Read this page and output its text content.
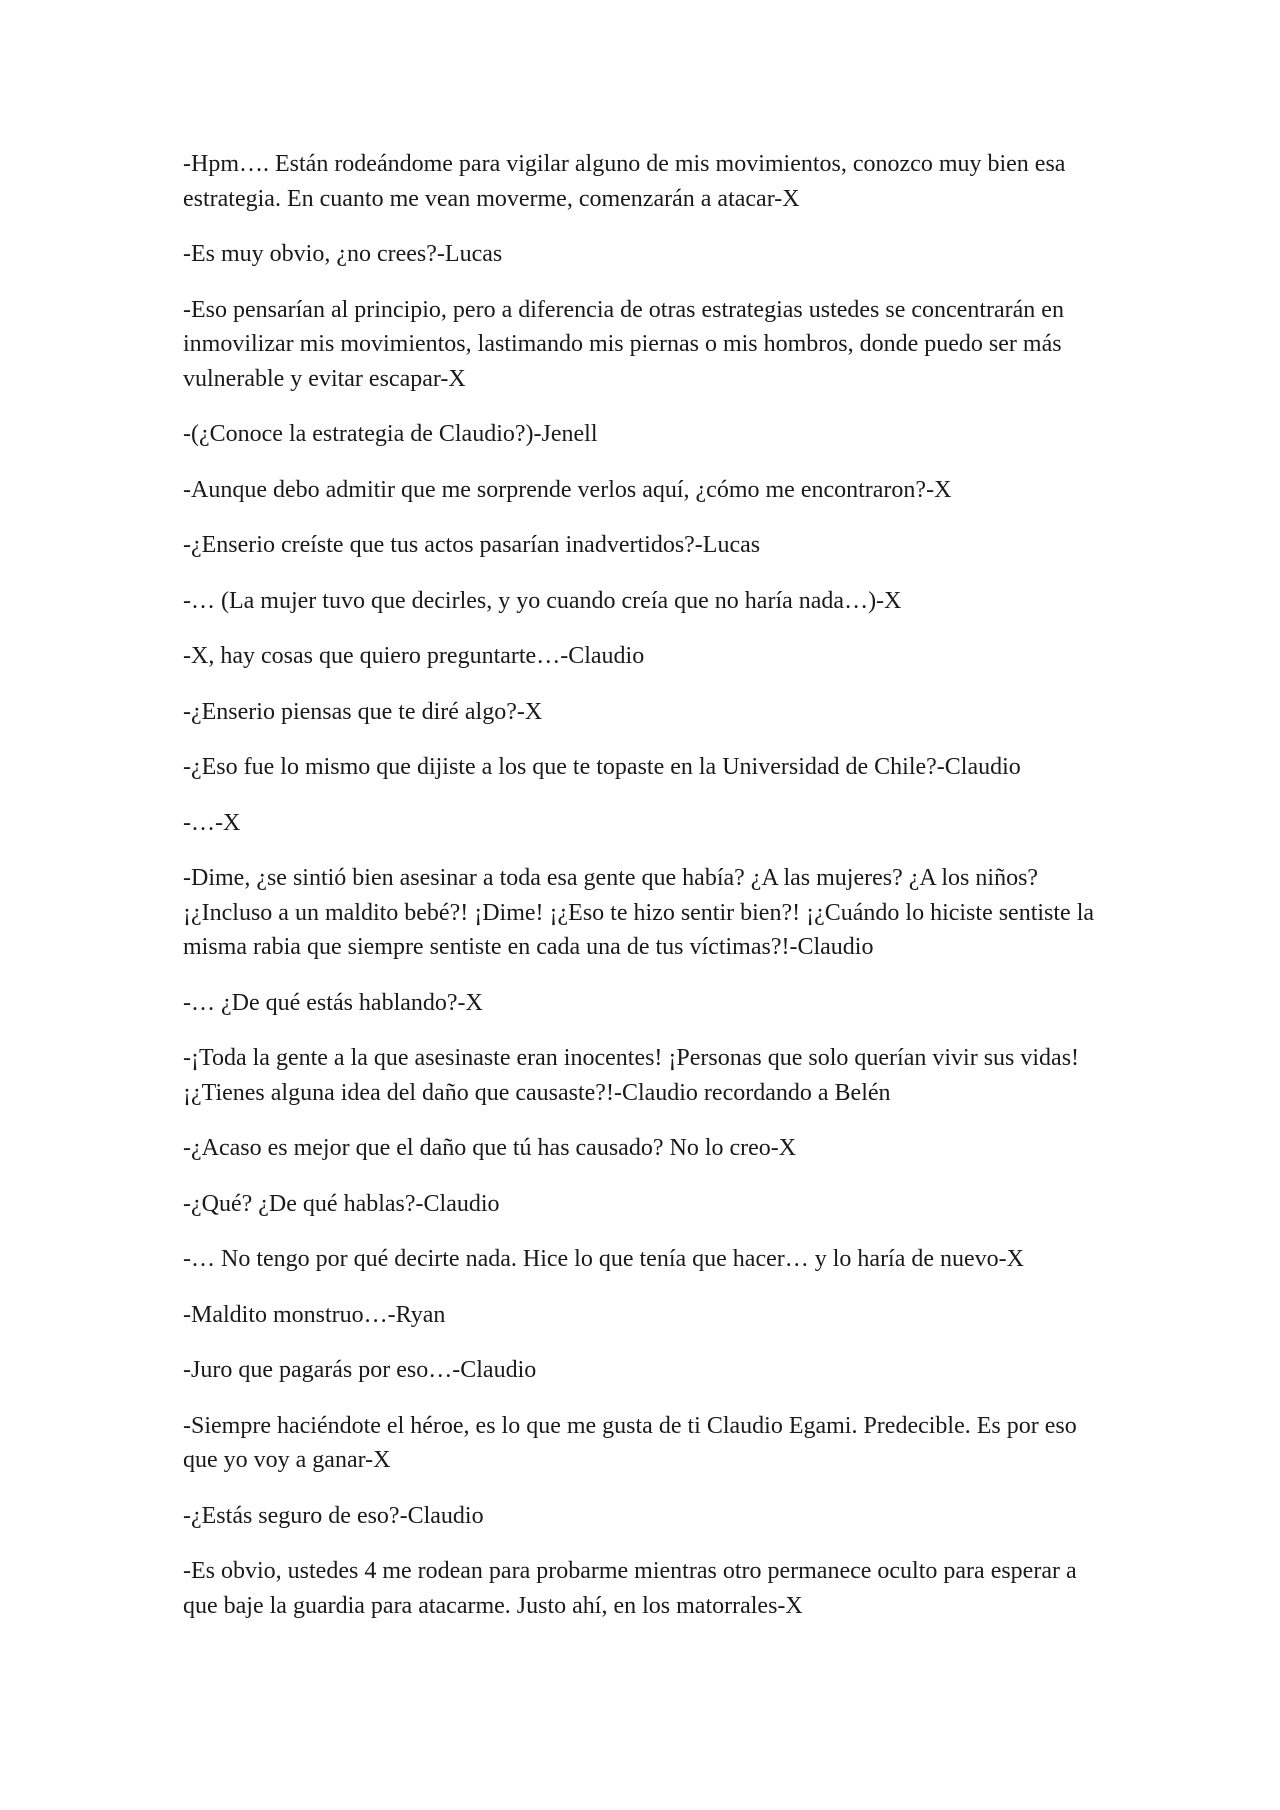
-Hpm…. Están rodeándome para vigilar alguno de mis movimientos, conozco muy bien esa estrategia. En cuanto me vean moverme, comenzarán a atacar-X

-Es muy obvio, ¿no crees?-Lucas

-Eso pensarían al principio, pero a diferencia de otras estrategias ustedes se concentrarán en inmovilizar mis movimientos, lastimando mis piernas o mis hombros, donde puedo ser más vulnerable y evitar escapar-X

-(¿Conoce la estrategia de Claudio?)-Jenell

-Aunque debo admitir que me sorprende verlos aquí, ¿cómo me encontraron?-X

-¿Enserio creíste que tus actos pasarían inadvertidos?-Lucas

-… (La mujer tuvo que decirles, y yo cuando creía que no haría nada…)-X

-X, hay cosas que quiero preguntarte…-Claudio

-¿Enserio piensas que te diré algo?-X

-¿Eso fue lo mismo que dijiste a los que te topaste en la Universidad de Chile?-Claudio

-…-X

-Dime, ¿se sintió bien asesinar a toda esa gente que había? ¿A las mujeres? ¿A los niños? ¡¿Incluso a un maldito bebé?! ¡Dime! ¡¿Eso te hizo sentir bien?! ¡¿Cuándo lo hiciste sentiste la misma rabia que siempre sentiste en cada una de tus víctimas?!-Claudio

-… ¿De qué estás hablando?-X

-¡Toda la gente a la que asesinaste eran inocentes! ¡Personas que solo querían vivir sus vidas! ¡¿Tienes alguna idea del daño que causaste?!-Claudio recordando a Belén

-¿Acaso es mejor que el daño que tú has causado? No lo creo-X

-¿Qué? ¿De qué hablas?-Claudio

-… No tengo por qué decirte nada. Hice lo que tenía que hacer… y lo haría de nuevo-X

-Maldito monstruo…-Ryan

-Juro que pagarás por eso…-Claudio

-Siempre haciéndote el héroe, es lo que me gusta de ti Claudio Egami. Predecible. Es por eso que yo voy a ganar-X

-¿Estás seguro de eso?-Claudio

-Es obvio, ustedes 4 me rodean para probarme mientras otro permanece oculto para esperar a que baje la guardia para atacarme. Justo ahí, en los matorrales-X
